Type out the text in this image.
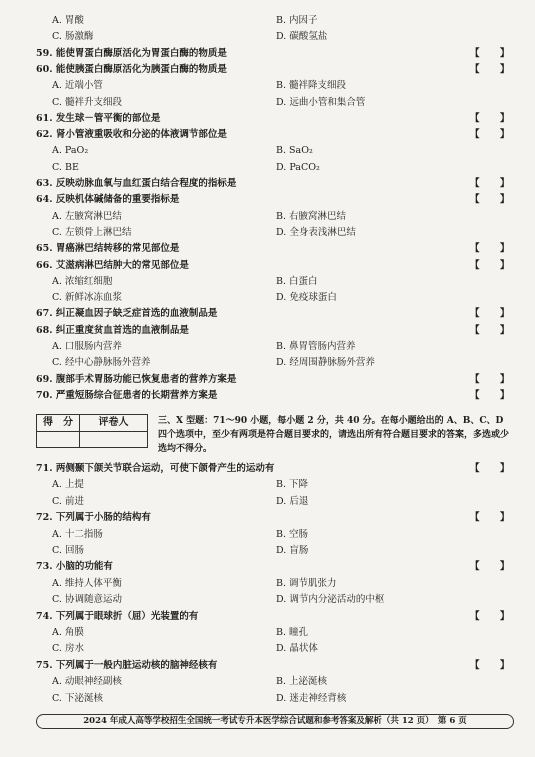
A. 胃酸	B. 内因子
C. 肠激酶	D. 碳酸氢盐
59. 能使胃蛋白酶原活化为胃蛋白酶的物质是	【 】
60. 能使胰蛋白酶原活化为胰蛋白酶的物质是	【 】
A. 近端小管	B. 髓袢降支细段
C. 髓袢升支细段	D. 远曲小管和集合管
61. 发生球－管平衡的部位是	【 】
62. 肾小管液重吸收和分泌的体液调节部位是	【 】
A. PaO₂	B. SaO₂
C. BE	D. PaCO₂
63. 反映动脉血氧与血红蛋白结合程度的指标是	【 】
64. 反映机体碱储备的重要指标是	【 】
A. 左腋窝淋巴结	B. 右腋窝淋巴结
C. 左锁骨上淋巴结	D. 全身表浅淋巴结
65. 胃癌淋巴结转移的常见部位是	【 】
66. 艾滋病淋巴结肿大的常见部位是	【 】
A. 浓缩红细胞	B. 白蛋白
C. 新鲜冰冻血浆	D. 免疫球蛋白
67. 纠正凝血因子缺乏症首选的血液制品是	【 】
68. 纠正重度贫血首选的血液制品是	【 】
A. 口服肠内营养	B. 鼻胃管肠内营养
C. 经中心静脉肠外营养	D. 经周围静脉肠外营养
69. 腹部手术胃肠功能已恢复患者的营养方案是	【 】
70. 严重短肠综合征患者的长期营养方案是	【 】
71. 两侧颞下颌关节联合运动，可使下颌骨产生的运动有	【 】
A. 上提	B. 下降
C. 前进	D. 后退
72. 下列属于小肠的结构有	【 】
A. 十二指肠	B. 空肠
C. 回肠	D. 盲肠
73. 小脑的功能有	【 】
A. 维持人体平衡	B. 调节肌张力
C. 协调随意运动	D. 调节内分泌活动的中枢
74. 下列属于眼球折（屈）光装置的有	【 】
A. 角膜	B. 瞳孔
C. 房水	D. 晶状体
75. 下列属于一般内脏运动核的脑神经核有	【 】
A. 动眼神经副核	B. 上泌涎核
C. 下泌涎核	D. 迷走神经背核
得　分	评卷人	三、X 型题：71～90 小题，每小题 2 分，共 40 分。在每小题给出的 A、B、C、D 四个选项中，至少有两项是符合题目要求的，请选出所有符合题目要求的答案，多选或少选均不得分。
2024 年成人高等学校招生全国统一考试专升本医学综合试题和参考答案及解析（共 12 页）　第 6 页
